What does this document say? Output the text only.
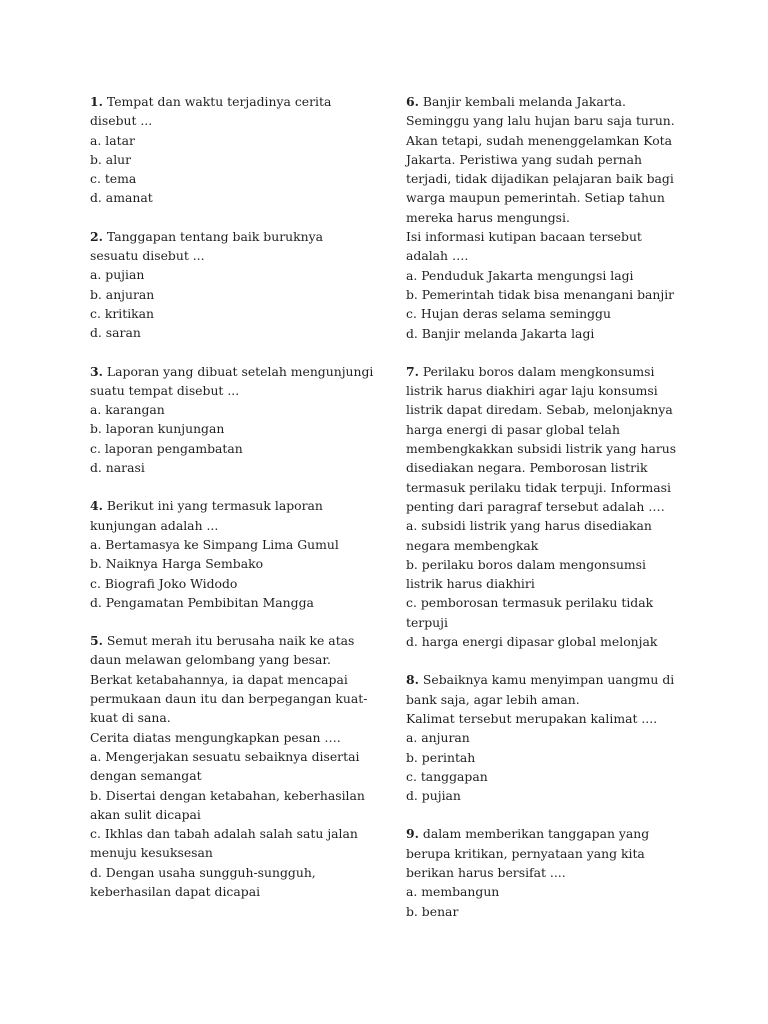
1. Tempat dan waktu terjadinya cerita disebut ...
a. latar
b. alur
c. tema
d. amanat
2. Tanggapan tentang baik buruknya sesuatu disebut ...
a. pujian
b. anjuran
c. kritikan
d. saran
3. Laporan yang dibuat setelah mengunjungi suatu tempat disebut ...
a. karangan
b. laporan kunjungan
c. laporan pengambatan
d. narasi
4. Berikut ini yang termasuk laporan kunjungan adalah ...
a. Bertamasya ke Simpang Lima Gumul
b. Naiknya Harga Sembako
c. Biografi Joko Widodo
d. Pengamatan Pembibitan Mangga
5. Semut merah itu berusaha naik ke atas daun melawan gelombang yang besar. Berkat ketabahannya, ia dapat mencapai permukaan daun itu dan berpegangan kuat-kuat di sana.
Cerita diatas mengungkapkan pesan ….
a. Mengerjakan sesuatu sebaiknya disertai dengan semangat
b. Disertai dengan ketabahan, keberhasilan akan sulit dicapai
c. Ikhlas dan tabah adalah salah satu jalan menuju kesuksesan
d. Dengan usaha sungguh-sungguh, keberhasilan dapat dicapai
6. Banjir kembali melanda Jakarta. Seminggu yang lalu hujan baru saja turun. Akan tetapi, sudah menenggelamkan Kota Jakarta. Peristiwa yang sudah pernah terjadi, tidak dijadikan pelajaran baik bagi warga maupun pemerintah. Setiap tahun mereka harus mengungsi.
Isi informasi kutipan bacaan tersebut adalah ….
a. Penduduk Jakarta mengungsi lagi
b. Pemerintah tidak bisa menangani banjir
c. Hujan deras selama seminggu
d. Banjir melanda Jakarta lagi
7. Perilaku boros dalam mengkonsumsi listrik harus diakhiri agar laju konsumsi listrik dapat diredam. Sebab, melonjaknya harga energi di pasar global telah membengkakkan subsidi listrik yang harus disediakan negara. Pemborosan listrik termasuk perilaku tidak terpuji. Informasi penting dari paragraf tersebut adalah ….
a. subsidi listrik yang harus disediakan negara membengkak
b. perilaku boros dalam mengonsumsi listrik harus diakhiri
c. pemborosan termasuk perilaku tidak terpuji
d. harga energi dipasar global melonjak
8. Sebaiknya kamu menyimpan uangmu di bank saja, agar lebih aman.
Kalimat tersebut merupakan kalimat ....
a. anjuran
b. perintah
c. tanggapan
d. pujian
9. dalam memberikan tanggapan yang berupa kritikan, pernyataan yang kita berikan harus bersifat ....
a. membangun
b. benar
